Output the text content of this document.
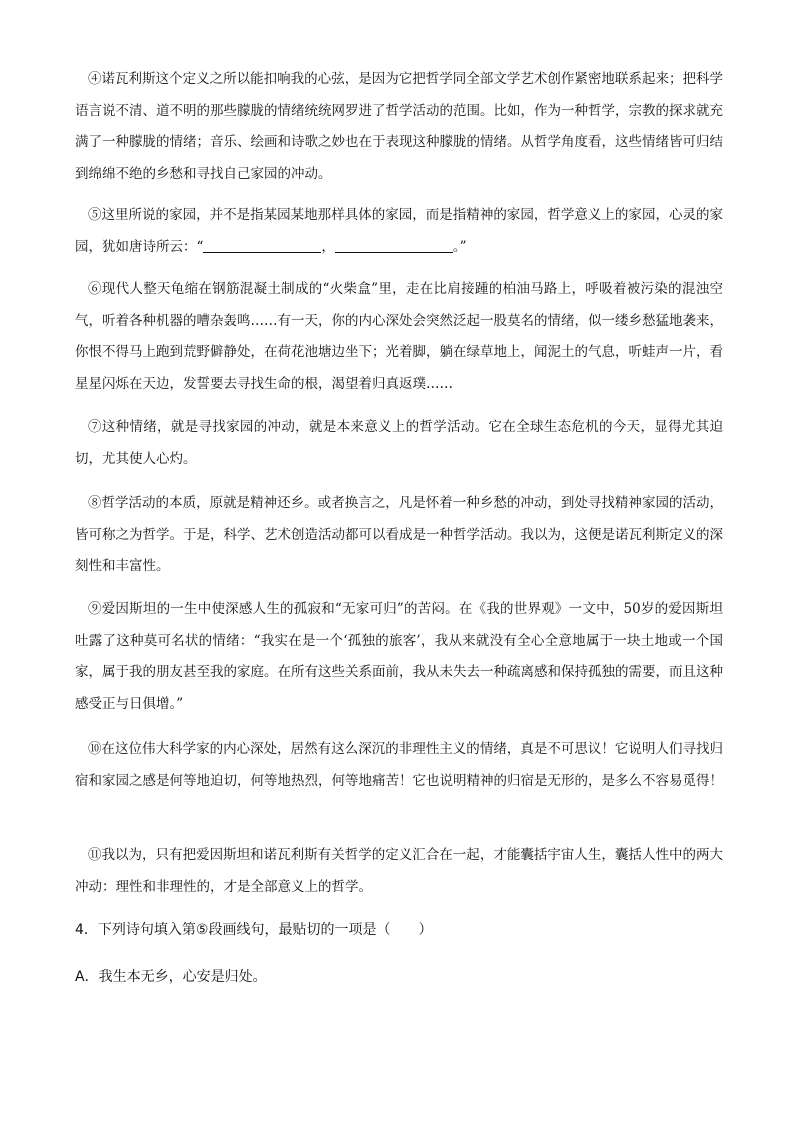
④诺瓦利斯这个定义之所以能扣响我的心弦，是因为它把哲学同全部文学艺术创作紧密地联系起来；把科学语言说不清、道不明的那些朦胧的情绪统统网罗进了哲学活动的范围。比如，作为一种哲学，宗教的探求就充满了一种朦胧的情绪；音乐、绘画和诗歌之妙也在于表现这种朦胧的情绪。从哲学角度看，这些情绪皆可归结到绵绵不绝的乡愁和寻找自己家园的冲动。

⑤这里所说的家园，并不是指某园某地那样具体的家园，而是指精神的家园，哲学意义上的家园，心灵的家园，犹如唐诗所云：“	，	。”

⑥现代人整天龟缩在钢筋混凝土制成的“火柴盒”里，走在比肩接踵的柏油马路上，呼吸着被污染的混浊空气，听着各种机器的嘈杂轰鸣……有一天，你的内心深处会突然泛起一股莫名的情绪，似一缕乡愁猛地袭来，你恨不得马上跑到荒野僻静处，在荷花池塘边坐下；光着脚，躺在绿草地上，闻泥土的气息，听蛙声一片，看星星闪烁在天边，发誓要去寻找生命的根，渴望着归真返璞……

⑦这种情绪，就是寻找家园的冲动，就是本来意义上的哲学活动。它在全球生态危机的今天，显得尤其迫切，尤其使人心灼。

⑧哲学活动的本质，原就是精神还乡。或者换言之，凡是怀着一种乡愁的冲动，到处寻找精神家园的活动，皆可称之为哲学。于是，科学、艺术创造活动都可以看成是一种哲学活动。我以为，这便是诺瓦利斯定义的深刻性和丰富性。

⑨爱因斯坦的一生中使深感人生的孤寂和“无家可归”的苦闷。在《我的世界观》一文中，50岁的爱因斯坦吐露了这种莫可名状的情绪：“我实在是一个‘孤独的旅客’，我从来就没有全心全意地属于一块土地或一个国家，属于我的朋友甚至我的家庭。在所有这些关系面前，我从未失去一种疏离感和保持孤独的需要，而且这种感受正与日俱增。”

⑩在这位伟大科学家的内心深处，居然有这么深沉的非理性主义的情绪，真是不可思议！它说明人们寻找归宿和家园之感是何等地迫切，何等地热烈，何等地痛苦！它也说明精神的归宿是无形的，是多么不容易觅得！

⑪我以为，只有把爱因斯坦和诺瓦利斯有关哲学的定义汇合在一起，才能囊括宇宙人生，囊括人性中的两大冲动：理性和非理性的，才是全部意义上的哲学。

4．下列诗句填入第⑤段画线句，最贴切的一项是（　　）

A．我生本无乡，心安是归处。
